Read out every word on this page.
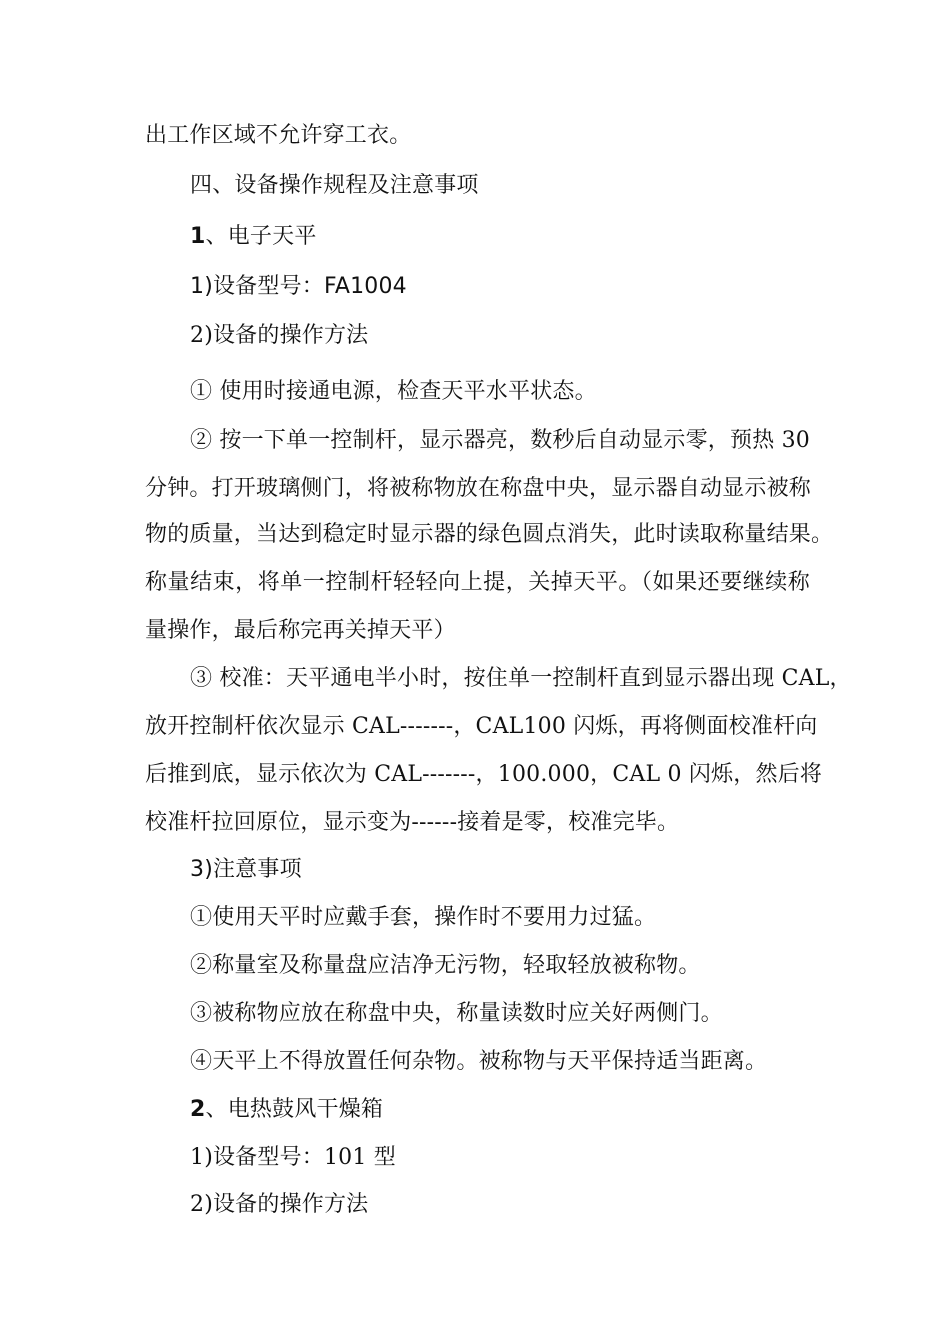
出工作区域不允许穿工衣。
四、设备操作规程及注意事项
1、电子天平
1)设备型号：FA1004
2)设备的操作方法
① 使用时接通电源，检查天平水平状态。
② 按一下单一控制杆，显示器亮，数秒后自动显示零，预热 30
分钟。打开玻璃侧门，将被称物放在称盘中央，显示器自动显示被称
物的质量，当达到稳定时显示器的绿色圆点消失，此时读取称量结果。
称量结束，将单一控制杆轻轻向上提，关掉天平。（如果还要继续称
量操作，最后称完再关掉天平）
③ 校准：天平通电半小时，按住单一控制杆直到显示器出现 CAL，
放开控制杆依次显示 CAL-------，CAL100 闪烁，再将侧面校准杆向
后推到底，显示依次为 CAL-------，100.000，CAL 0 闪烁，然后将
校准杆拉回原位，显示变为------接着是零，校准完毕。
3)注意事项
①使用天平时应戴手套，操作时不要用力过猛。
②称量室及称量盘应洁净无污物，轻取轻放被称物。
③被称物应放在称盘中央，称量读数时应关好两侧门。
④天平上不得放置任何杂物。被称物与天平保持适当距离。
2、电热鼓风干燥箱
1)设备型号：101 型
2)设备的操作方法
